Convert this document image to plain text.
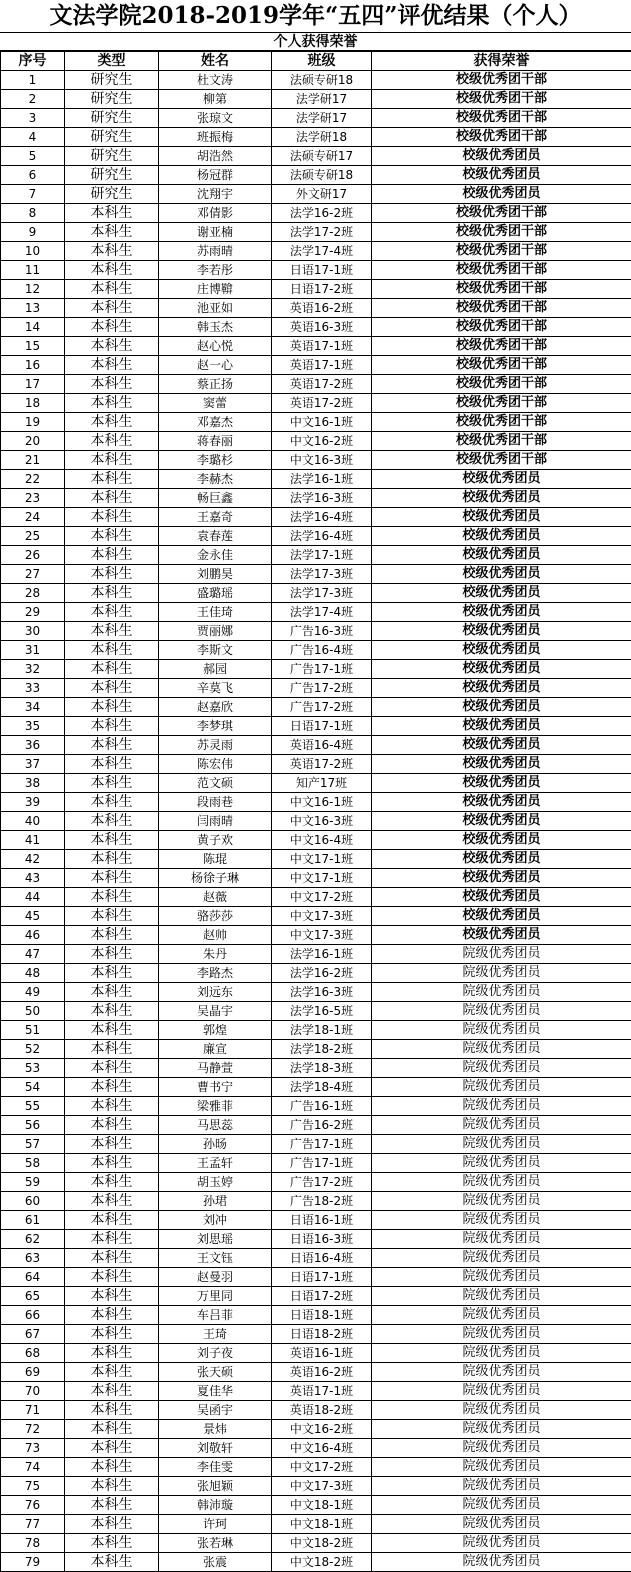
文法学院2018-2019学年“五四”评优结果（个人）
个人获得荣誉
序号	类型	姓名	班级	获得荣誉
1	研究生	杜文涛	法硕专研18	校级优秀团干部
2	研究生	柳第	法学研17	校级优秀团干部
3	研究生	张琼文	法学研17	校级优秀团干部
4	研究生	班振梅	法学研18	校级优秀团干部
5	研究生	胡浩然	法硕专研17	校级优秀团员
6	研究生	杨冠群	法硕专研18	校级优秀团员
7	研究生	沈翔宇	外文研17	校级优秀团员
8	本科生	邓倩影	法学16-2班	校级优秀团干部
9	本科生	谢亚楠	法学17-2班	校级优秀团干部
10	本科生	苏雨晴	法学17-4班	校级优秀团干部
11	本科生	李若彤	日语17-1班	校级优秀团干部
12	本科生	庄博鞥	日语17-2班	校级优秀团干部
13	本科生	池亚如	英语16-2班	校级优秀团干部
14	本科生	韩玉杰	英语16-3班	校级优秀团干部
15	本科生	赵心悦	英语17-1班	校级优秀团干部
16	本科生	赵一心	英语17-1班	校级优秀团干部
17	本科生	蔡正扬	英语17-2班	校级优秀团干部
18	本科生	窦蕾	英语17-2班	校级优秀团干部
19	本科生	邓嘉杰	中文16-1班	校级优秀团干部
20	本科生	蒋春丽	中文16-2班	校级优秀团干部
21	本科生	李璐杉	中文16-3班	校级优秀团干部
22	本科生	李赫杰	法学16-1班	校级优秀团员
23	本科生	畅巨鑫	法学16-3班	校级优秀团员
24	本科生	王嘉奇	法学16-4班	校级优秀团员
25	本科生	袁春莲	法学16-4班	校级优秀团员
26	本科生	金永佳	法学17-1班	校级优秀团员
27	本科生	刘鹏昊	法学17-3班	校级优秀团员
28	本科生	盛璐瑶	法学17-3班	校级优秀团员
29	本科生	王佳琦	法学17-4班	校级优秀团员
30	本科生	贾丽娜	广告16-3班	校级优秀团员
31	本科生	李斯文	广告16-4班	校级优秀团员
32	本科生	郝园	广告17-1班	校级优秀团员
33	本科生	辛莫飞	广告17-2班	校级优秀团员
34	本科生	赵嘉欣	广告17-2班	校级优秀团员
35	本科生	李梦琪	日语17-1班	校级优秀团员
36	本科生	苏灵雨	英语16-4班	校级优秀团员
37	本科生	陈宏伟	英语17-2班	校级优秀团员
38	本科生	范文硕	知产17班	校级优秀团员
39	本科生	段雨巷	中文16-1班	校级优秀团员
40	本科生	闫雨晴	中文16-3班	校级优秀团员
41	本科生	黄子欢	中文16-4班	校级优秀团员
42	本科生	陈琨	中文17-1班	校级优秀团员
43	本科生	杨徐子琳	中文17-1班	校级优秀团员
44	本科生	赵薇	中文17-2班	校级优秀团员
45	本科生	骆莎莎	中文17-3班	校级优秀团员
46	本科生	赵帅	中文17-3班	校级优秀团员
47	本科生	朱丹	法学16-1班	院级优秀团员
48	本科生	李路杰	法学16-2班	院级优秀团员
49	本科生	刘远东	法学16-3班	院级优秀团员
50	本科生	吴晶宇	法学16-5班	院级优秀团员
51	本科生	郭煌	法学18-1班	院级优秀团员
52	本科生	廉宣	法学18-2班	院级优秀团员
53	本科生	马静萱	法学18-3班	院级优秀团员
54	本科生	曹书宁	法学18-4班	院级优秀团员
55	本科生	梁雅菲	广告16-1班	院级优秀团员
56	本科生	马思蕊	广告16-2班	院级优秀团员
57	本科生	孙旸	广告17-1班	院级优秀团员
58	本科生	王孟轩	广告17-1班	院级优秀团员
59	本科生	胡玉婷	广告17-2班	院级优秀团员
60	本科生	孙珺	广告18-2班	院级优秀团员
61	本科生	刘冲	日语16-1班	院级优秀团员
62	本科生	刘思瑶	日语16-3班	院级优秀团员
63	本科生	王文钰	日语16-4班	院级优秀团员
64	本科生	赵曼羽	日语17-1班	院级优秀团员
65	本科生	万里同	日语17-2班	院级优秀团员
66	本科生	车吕菲	日语18-1班	院级优秀团员
67	本科生	王琦	日语18-2班	院级优秀团员
68	本科生	刘子夜	英语16-1班	院级优秀团员
69	本科生	张天硕	英语16-2班	院级优秀团员
70	本科生	夏佳华	英语17-1班	院级优秀团员
71	本科生	吴函宇	英语18-2班	院级优秀团员
72	本科生	景炜	中文16-2班	院级优秀团员
73	本科生	刘敬轩	中文16-4班	院级优秀团员
74	本科生	李佳雯	中文17-2班	院级优秀团员
75	本科生	张旭颖	中文17-3班	院级优秀团员
76	本科生	韩沛璇	中文18-1班	院级优秀团员
77	本科生	许珂	中文18-1班	院级优秀团员
78	本科生	张若琳	中文18-2班	院级优秀团员
79	本科生	张震	中文18-2班	院级优秀团员
